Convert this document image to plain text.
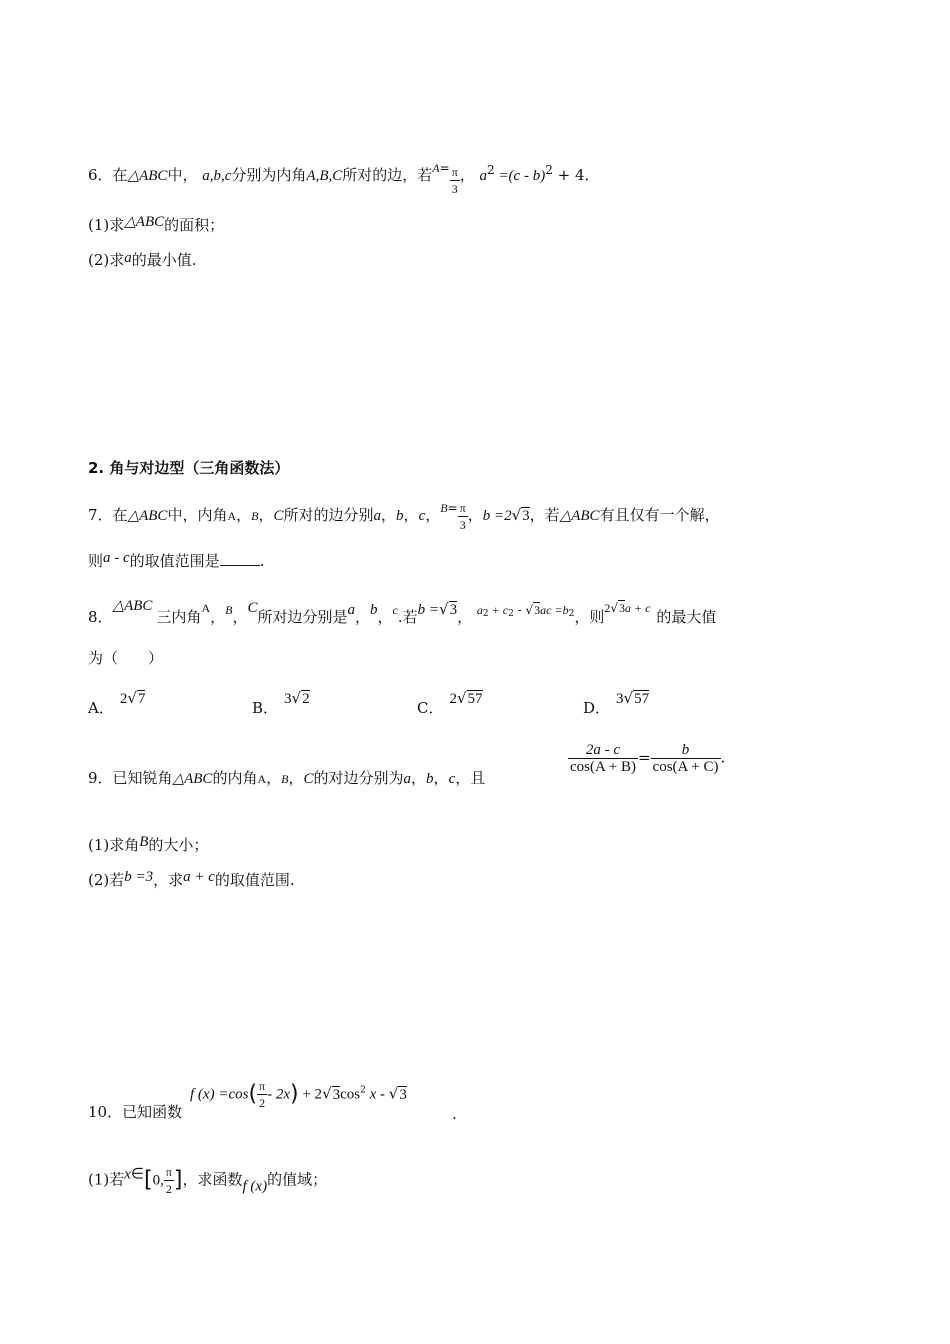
6．在△ABC中， a,b,c分别为内角A,B,C所对的边，若$^{A=} \frac{\pi}{3}$ ， $a^2 =(c - b)^2 + 4$．
(1)求△ABC的面积；
(2)求a的最小值.
2. 角与对边型（三角函数法）
7．在△ABC中，内角A，B，C所对的边分别a，b，c，$^{B=} \frac{\pi}{3}$ ，b =2√3，若△ABC有且仅有一个解，
则a - c的取值范围是	.
8．△ABC三内角$^A$，$^B$，C所对边分别是a，b，$^c$.若b =√3， $^{a2}$ $^{+ c2}$ - $^{√3ac =b2}$，则$^{2√3a + c}$ 的最大值
为（　　）
A． 2√7	B． 3√2	C． 2√57	D． 3√57
9．已知锐角△ABC的内角A，B，C的对边分别为a，b，c，且
$\frac{2a - c}{\cos(A + B)} = \frac{b}{\cos(A + C)}$ .
(1)求角B的大小；
(2)若b =3，求a + c的取值范围.
10．已知函数
f $(x) =\cos( \frac{\pi}{2} - 2x) + 2√3\cos^2$ x - √3
.
(1)若x∈[0, $\frac{\pi}{2}$ ]，求函数f (x)的值域；
